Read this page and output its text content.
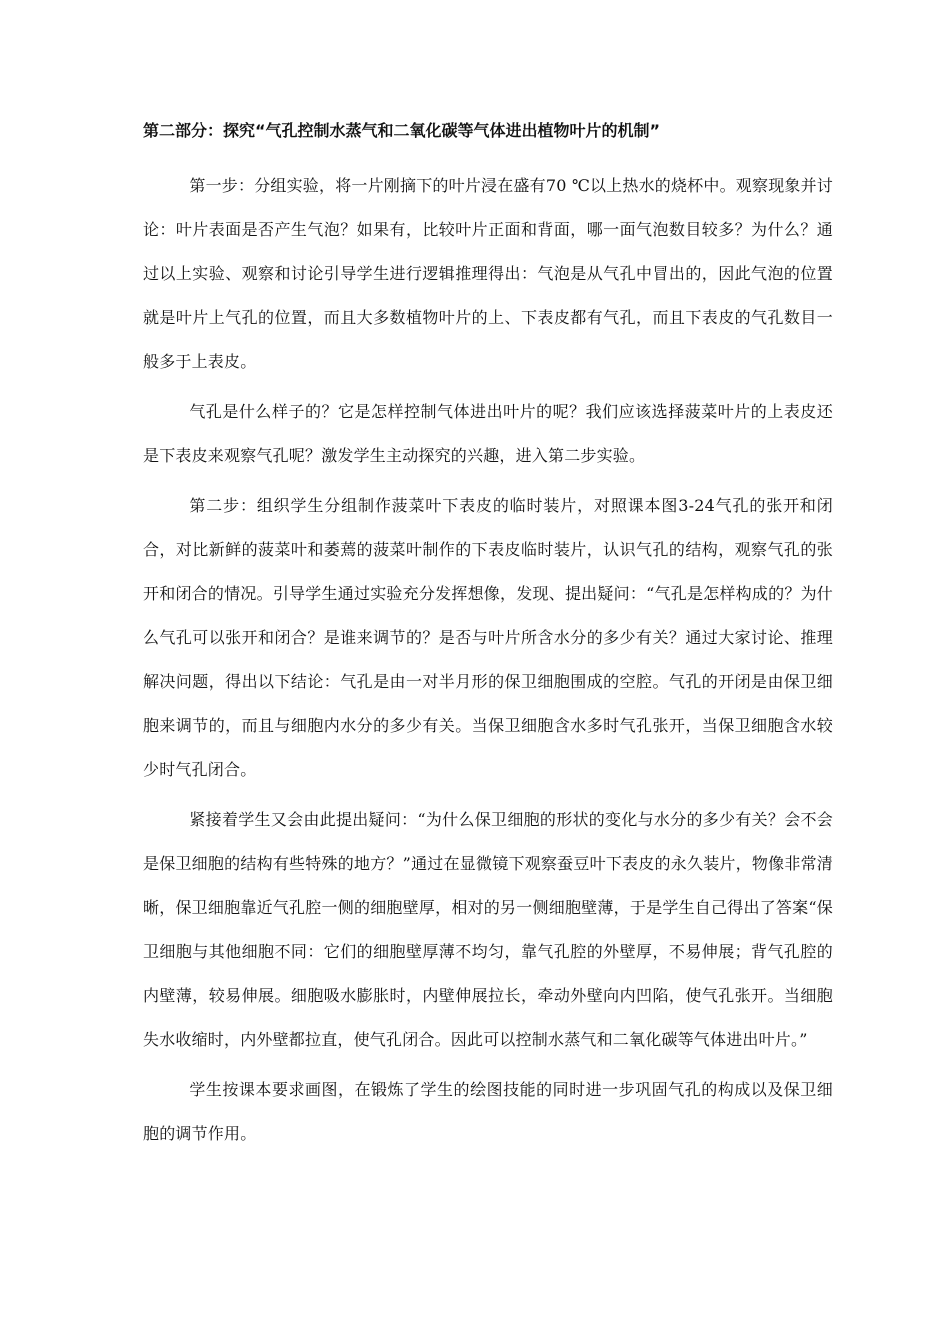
第二部分：探究“气孔控制水蒸气和二氧化碳等气体进出植物叶片的机制”

第一步：分组实验，将一片刚摘下的叶片浸在盛有70 ℃以上热水的烧杯中。观察现象并讨论：叶片表面是否产生气泡？如果有，比较叶片正面和背面，哪一面气泡数目较多？为什么？通过以上实验、观察和讨论引导学生进行逻辑推理得出：气泡是从气孔中冒出的，因此气泡的位置就是叶片上气孔的位置，而且大多数植物叶片的上、下表皮都有气孔，而且下表皮的气孔数目一般多于上表皮。

气孔是什么样子的？它是怎样控制气体进出叶片的呢？我们应该选择菠菜叶片的上表皮还是下表皮来观察气孔呢？激发学生主动探究的兴趣，进入第二步实验。

第二步：组织学生分组制作菠菜叶下表皮的临时装片，对照课本图3-24气孔的张开和闭合，对比新鲜的菠菜叶和萎蔫的菠菜叶制作的下表皮临时装片，认识气孔的结构，观察气孔的张开和闭合的情况。引导学生通过实验充分发挥想像，发现、提出疑问：“气孔是怎样构成的？为什么气孔可以张开和闭合？是谁来调节的？是否与叶片所含水分的多少有关？通过大家讨论、推理解决问题，得出以下结论：气孔是由一对半月形的保卫细胞围成的空腔。气孔的开闭是由保卫细胞来调节的，而且与细胞内水分的多少有关。当保卫细胞含水多时气孔张开，当保卫细胞含水较少时气孔闭合。

紧接着学生又会由此提出疑问：“为什么保卫细胞的形状的变化与水分的多少有关？会不会是保卫细胞的结构有些特殊的地方？”通过在显微镜下观察蚕豆叶下表皮的永久装片，物像非常清晰，保卫细胞靠近气孔腔一侧的细胞壁厚，相对的另一侧细胞壁薄，于是学生自己得出了答案“保卫细胞与其他细胞不同：它们的细胞壁厚薄不均匀，靠气孔腔的外壁厚，不易伸展；背气孔腔的内壁薄，较易伸展。细胞吸水膨胀时，内壁伸展拉长，牵动外壁向内凹陷，使气孔张开。当细胞失水收缩时，内外壁都拉直，使气孔闭合。因此可以控制水蒸气和二氧化碳等气体进出叶片。”

学生按课本要求画图，在锻炼了学生的绘图技能的同时进一步巩固气孔的构成以及保卫细胞的调节作用。
